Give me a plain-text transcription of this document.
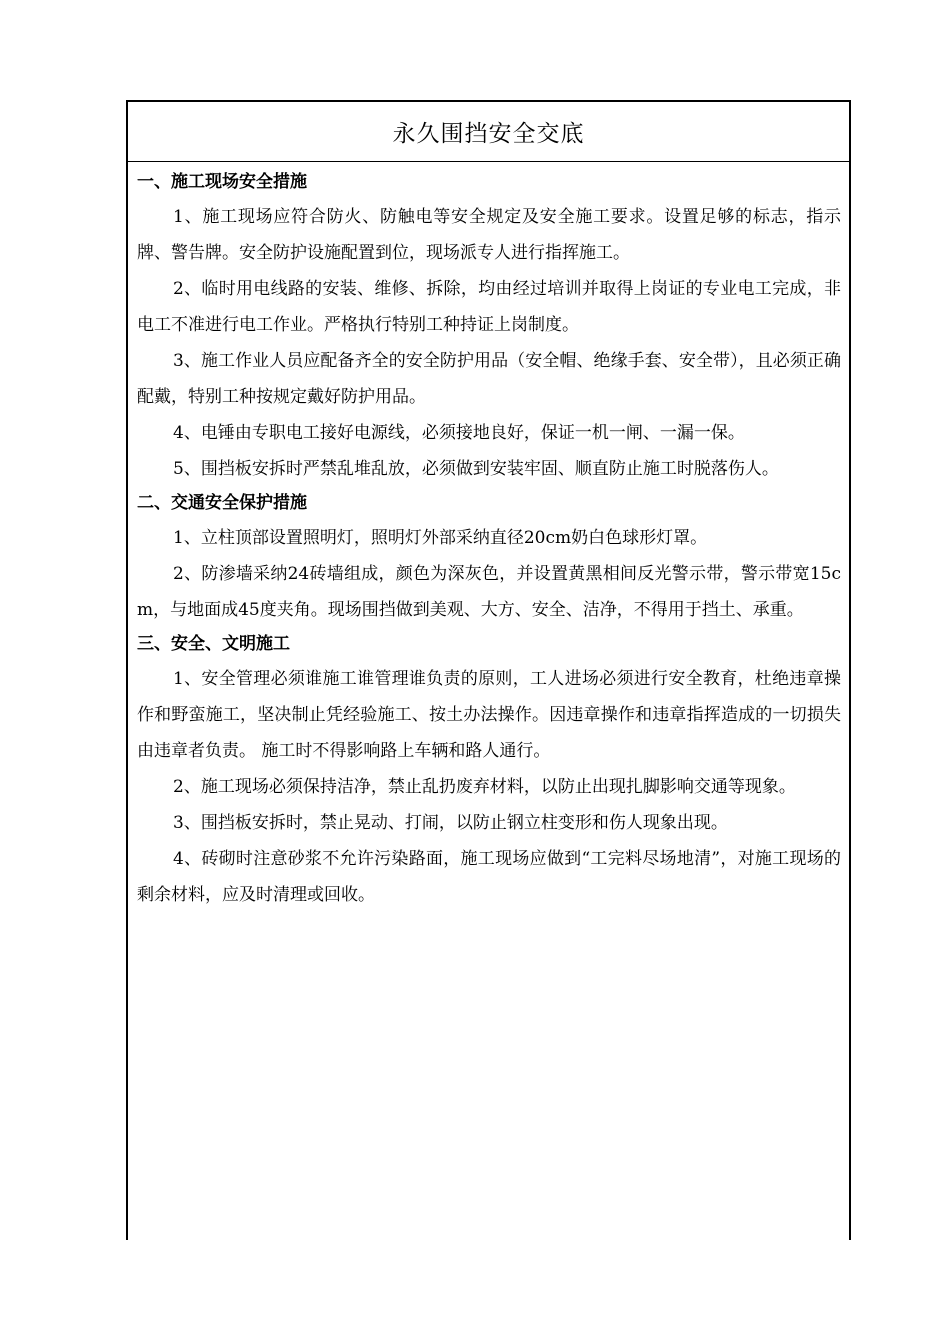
永久围挡安全交底
一、施工现场安全措施

1、施工现场应符合防火、防触电等安全规定及安全施工要求。设置足够的标志，指示牌、警告牌。安全防护设施配置到位，现场派专人进行指挥施工。

2、临时用电线路的安装、维修、拆除，均由经过培训并取得上岗证的专业电工完成，非电工不准进行电工作业。严格执行特别工种持证上岗制度。

3、施工作业人员应配备齐全的安全防护用品（安全帽、绝缘手套、安全带），且必须正确配戴，特别工种按规定戴好防护用品。

4、电锤由专职电工接好电源线，必须接地良好，保证一机一闸、一漏一保。

5、围挡板安拆时严禁乱堆乱放，必须做到安装牢固、顺直防止施工时脱落伤人。

二、交通安全保护措施

1、立柱顶部设置照明灯，照明灯外部采纳直径20cm奶白色球形灯罩。

2、防渗墙采纳24砖墙组成，颜色为深灰色，并设置黄黑相间反光警示带，警示带宽15cm，与地面成45度夹角。现场围挡做到美观、大方、安全、洁净，不得用于挡土、承重。

三、安全、文明施工

1、安全管理必须谁施工谁管理谁负责的原则，工人进场必须进行安全教育，杜绝违章操作和野蛮施工，坚决制止凭经验施工、按土办法操作。因违章操作和违章指挥造成的一切损失由违章者负责。 施工时不得影响路上车辆和路人通行。

2、施工现场必须保持洁净，禁止乱扔废弃材料，以防止出现扎脚影响交通等现象。

3、围挡板安拆时，禁止晃动、打闹，以防止钢立柱变形和伤人现象出现。

4、砖砌时注意砂浆不允许污染路面，施工现场应做到“工完料尽场地清”，对施工现场的剩余材料，应及时清理或回收。
